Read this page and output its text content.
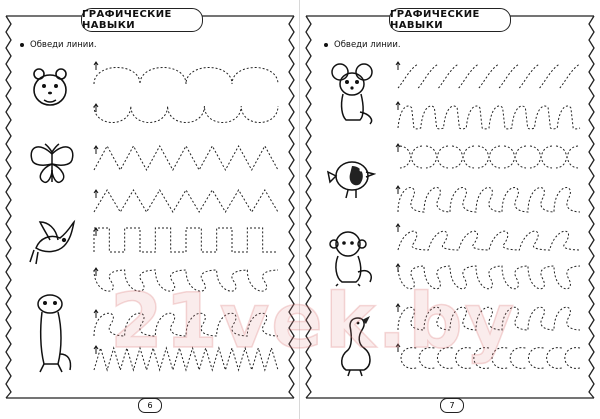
ГРАФИЧЕСКИЕ НАВЫКИ
Обведи линии.
6
ГРАФИЧЕСКИЕ НАВЫКИ
Обведи линии.
7
21vek.by
